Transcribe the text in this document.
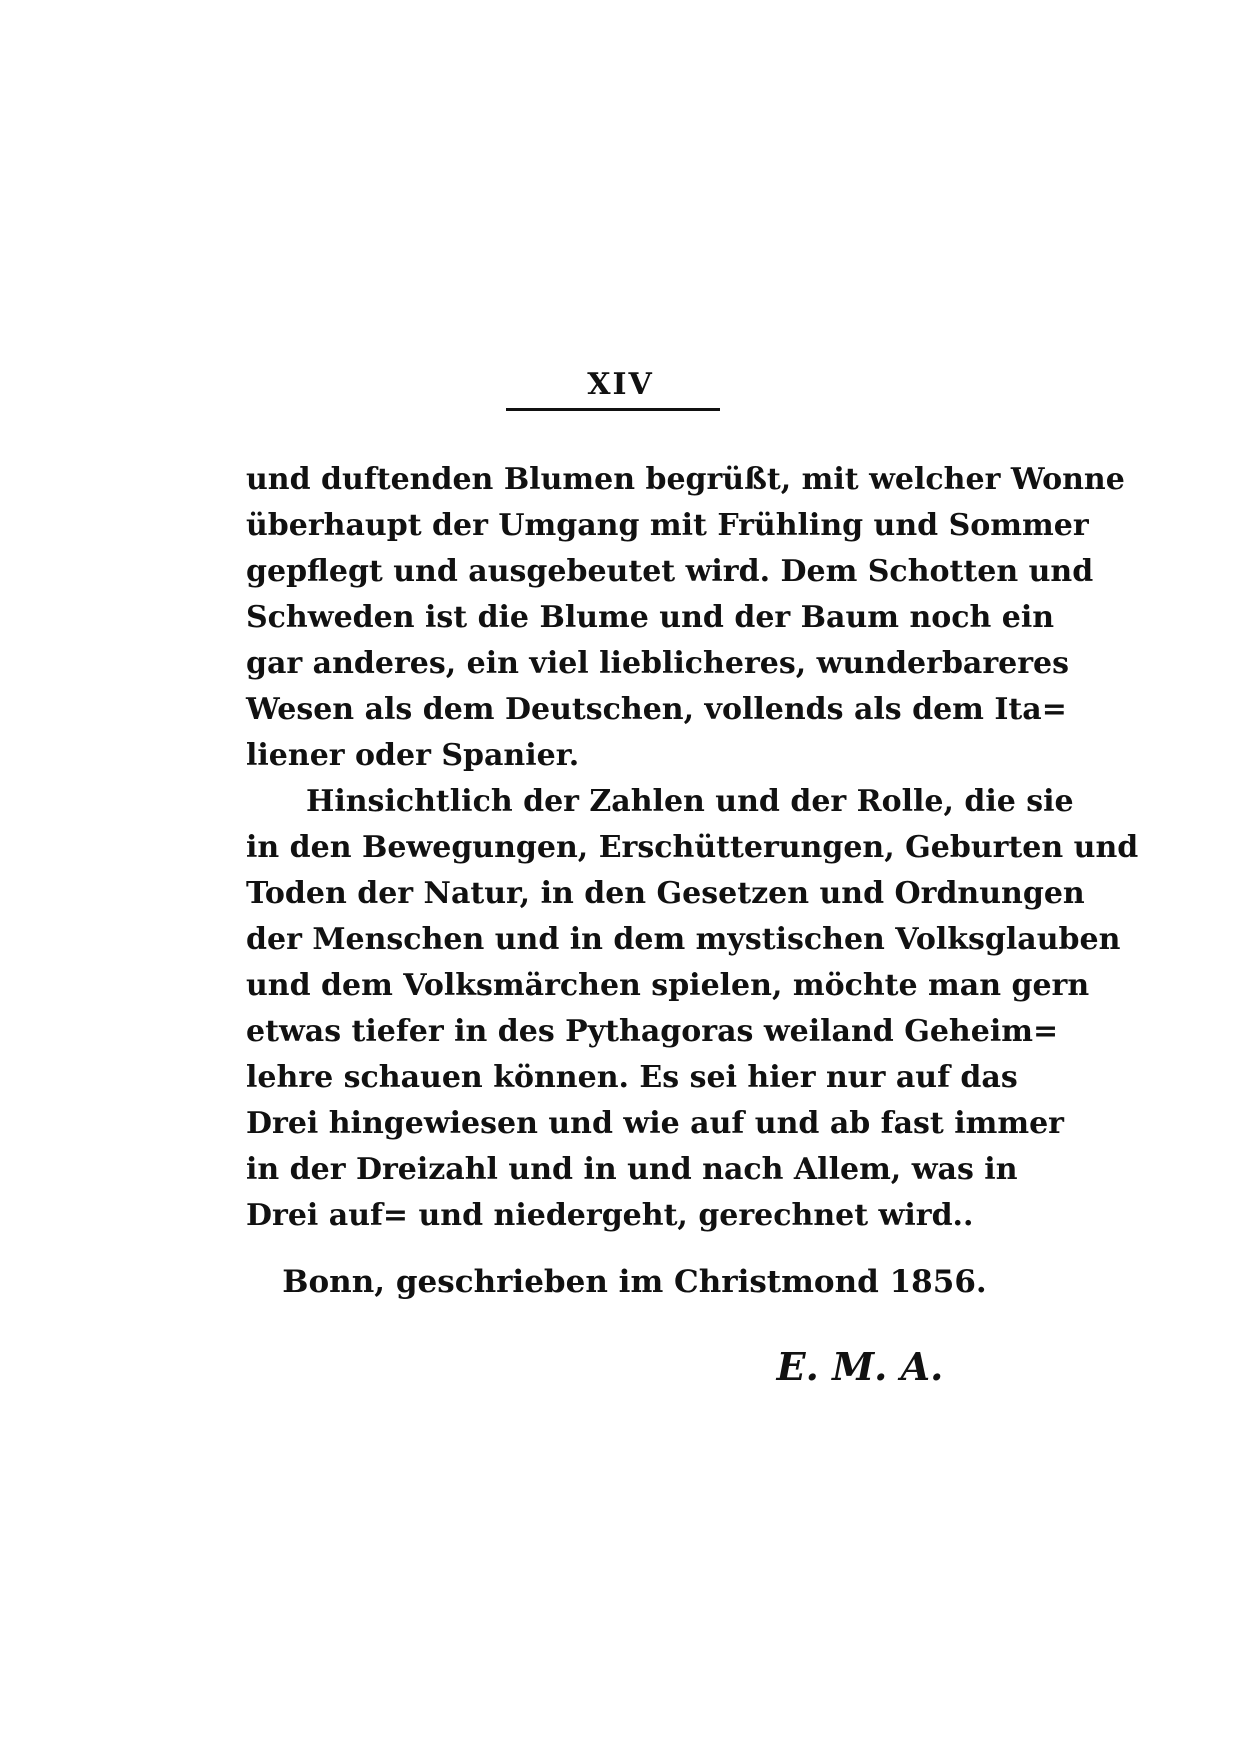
XIV
und duftenden Blumen begrüßt, mit welcher Wonne
überhaupt der Umgang mit Frühling und Sommer
gepflegt und ausgebeutet wird. Dem Schotten und
Schweden ist die Blume und der Baum noch ein
gar anderes, ein viel lieblicheres, wunderbareres
Wesen als dem Deutschen, vollends als dem Ita=
liener oder Spanier.
Hinsichtlich der Zahlen und der Rolle, die sie
in den Bewegungen, Erschütterungen, Geburten und
Toden der Natur, in den Gesetzen und Ordnungen
der Menschen und in dem mystischen Volksglauben
und dem Volksmärchen spielen, möchte man gern
etwas tiefer in des Pythagoras weiland Geheim=
lehre schauen können. Es sei hier nur auf das
Drei hingewiesen und wie auf und ab fast immer
in der Dreizahl und in und nach Allem, was in
Drei auf= und niedergeht, gerechnet wird..
Bonn, geschrieben im Christmond 1856.
E. M. A.
